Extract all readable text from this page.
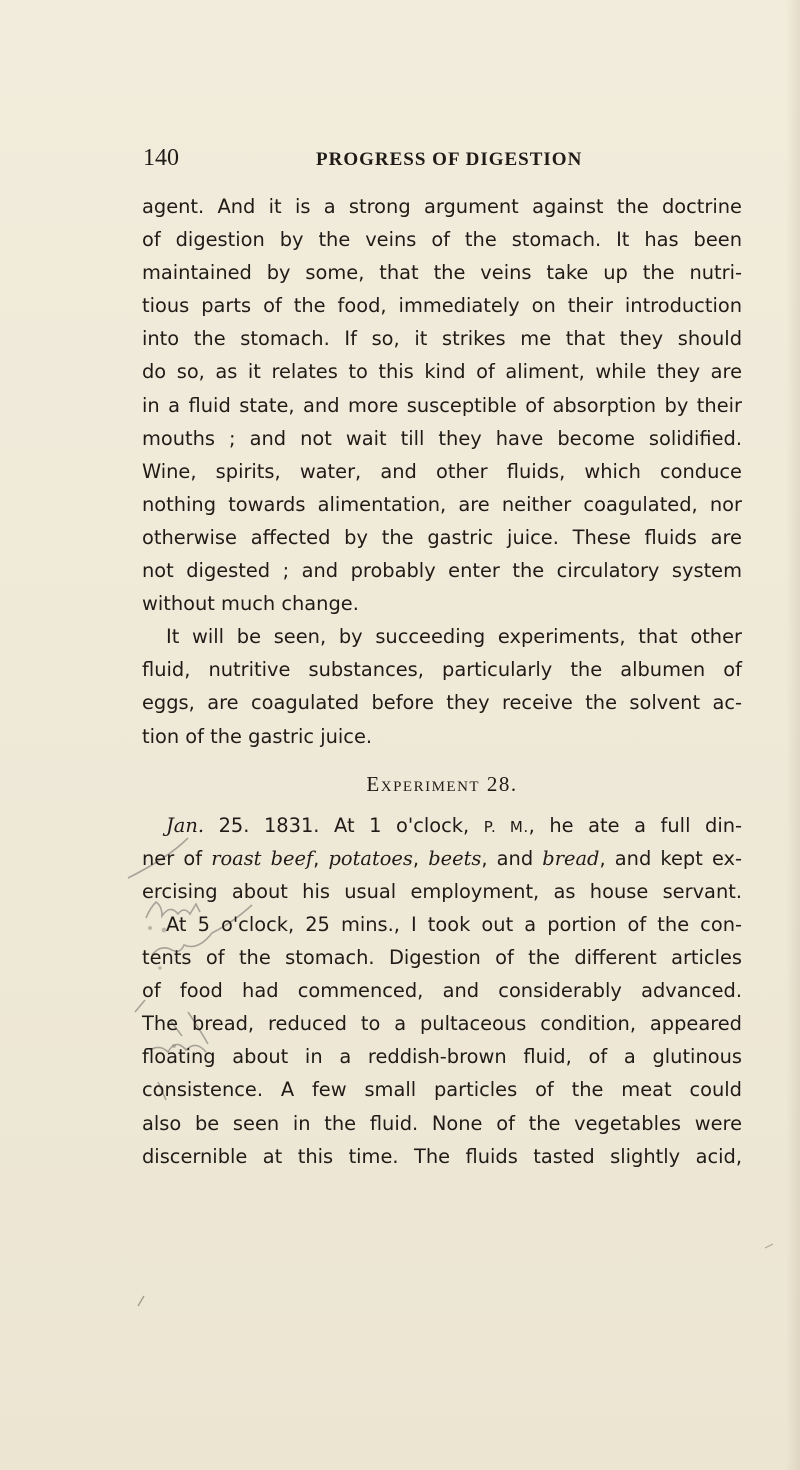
140	PROGRESS OF DIGESTION
agent. And it is a strong argument against the doctrine
of digestion by the veins of the stomach. It has been
maintained by some, that the veins take up the nutri-
tious parts of the food, immediately on their introduction
into the stomach. If so, it strikes me that they should
do so, as it relates to this kind of aliment, while they are
in a fluid state, and more susceptible of absorption by their
mouths ; and not wait till they have become solidified.
Wine, spirits, water, and other fluids, which conduce
nothing towards alimentation, are neither coagulated, nor
otherwise affected by the gastric juice. These fluids are
not digested ; and probably enter the circulatory system
without much change.
It will be seen, by succeeding experiments, that other
fluid, nutritive substances, particularly the albumen of
eggs, are coagulated before they receive the solvent ac-
tion of the gastric juice.
Experiment 28.
Jan. 25. 1831. At 1 o'clock, P. M., he ate a full din-
ner of roast beef, potatoes, beets, and bread, and kept ex-
ercising about his usual employment, as house servant.
At 5 o'clock, 25 mins., I took out a portion of the con-
tents of the stomach. Digestion of the different articles
of food had commenced, and considerably advanced.
The bread, reduced to a pultaceous condition, appeared
floating about in a reddish-brown fluid, of a glutinous
consistence. A few small particles of the meat could
also be seen in the fluid. None of the vegetables were
discernible at this time. The fluids tasted slightly acid,
